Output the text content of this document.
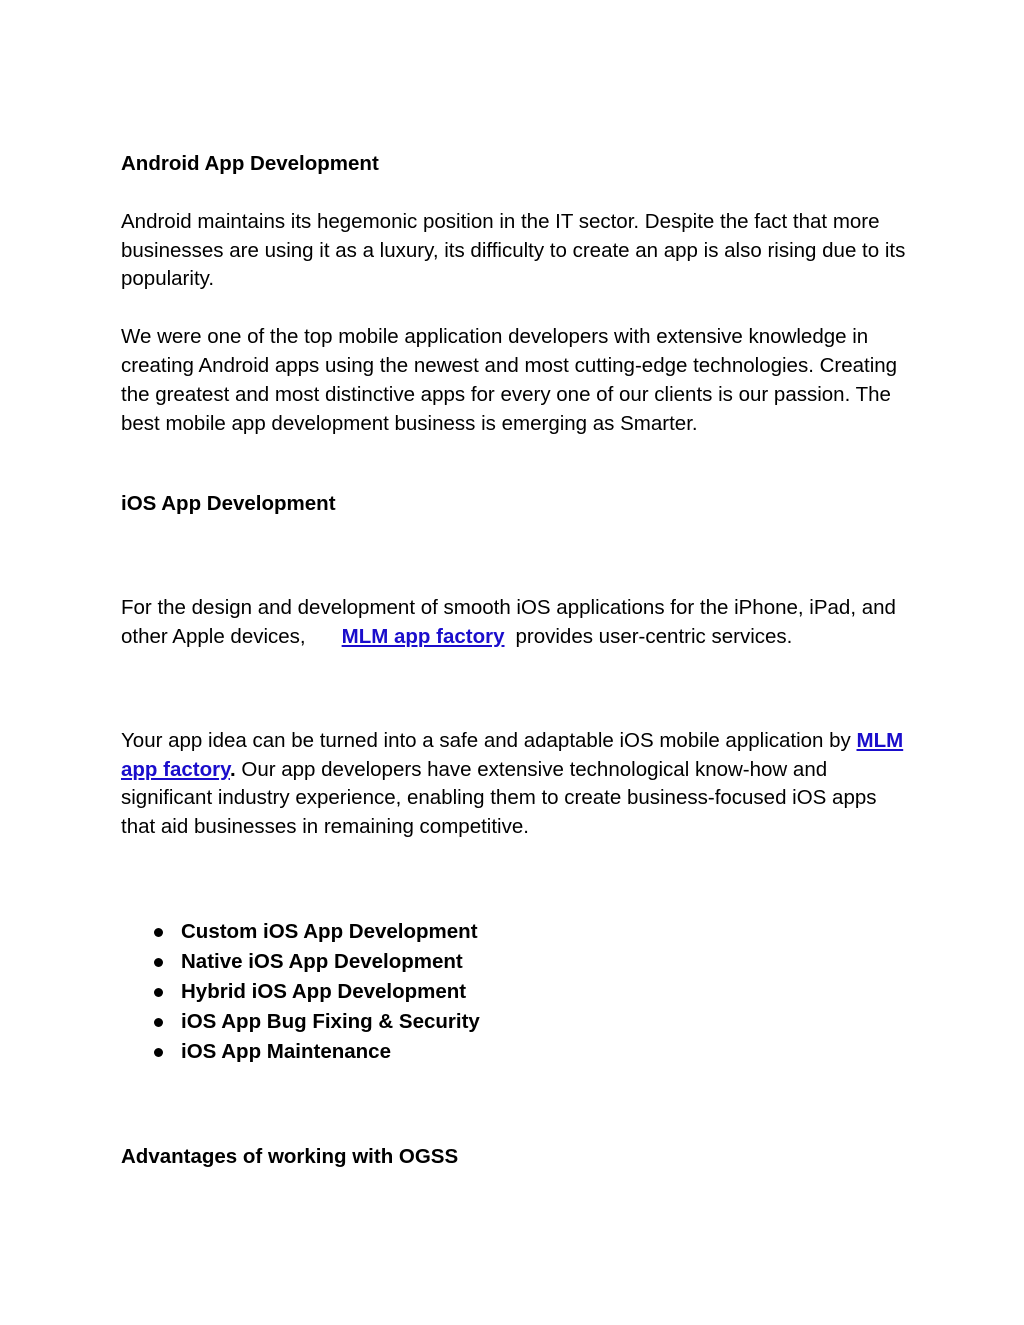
Android App Development

Android maintains its hegemonic position in the IT sector. Despite the fact that more businesses are using it as a luxury, its difficulty to create an app is also rising due to its popularity.

We were one of the top mobile application developers with extensive knowledge in creating Android apps using the newest and most cutting-edge technologies. Creating the greatest and most distinctive apps for every one of our clients is our passion. The best mobile app development business is emerging as Smarter.

iOS App Development

For the design and development of smooth iOS applications for the iPhone, iPad, and other Apple devices, MLM app factory provides user-centric services.

Your app idea can be turned into a safe and adaptable iOS mobile application by MLM app factory. Our app developers have extensive technological know-how and significant industry experience, enabling them to create business-focused iOS apps that aid businesses in remaining competitive.

Custom iOS App Development
Native iOS App Development
Hybrid iOS App Development
iOS App Bug Fixing & Security
iOS App Maintenance
Advantages of working with OGSS
